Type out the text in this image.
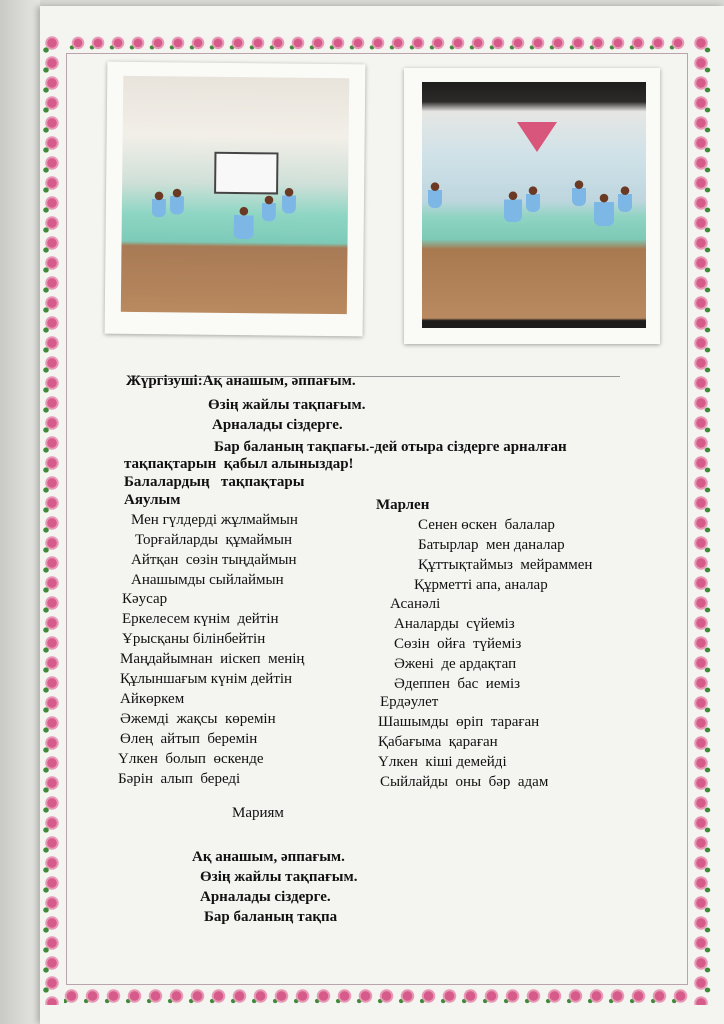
Жүргізуші:Ақ анашым, әппағым.
Өзің жайлы тақпағым.
Арналады сіздерге.
Бар баланың тақпағы.-дей отыра сіздерге арналған
тақпақтарын  қабыл алыныздар!
Балалардың   тақпақтары
Аяулым
Мен гүлдерді жұлмаймын
Торғайларды  құмаймын
Айтқан  сөзін тыңдаймын
Анашымды сыйлаймын
Кәусар
Еркелесем күнім  дейтін
Ұрысқаны білінбейтін
Маңдайымнан  иіскеп  менің
Құлыншағым күнім дейтін
Айкөркем
Әжемді  жақсы  көремін
Өлең  айтып  беремін
Үлкен  болып  өскенде
Бәрін  алып  береді
Марлен
Сенен өскен  балалар
Батырлар  мен даналар
Құттықтаймыз  мейраммен
Құрметті апа, аналар
Асанәлі
Аналарды  сүйеміз
Сөзін  ойға  түйеміз
Әжені  де ардақтап
Әдеппен  бас  иеміз
Ердәулет
Шашымды  өріп  тараған
Қабағыма  қараған
Үлкен  кіші демейді
Сыйлайды  оны  бәр  адам
Мариям
Ақ анашым, әппағым.
Өзің жайлы тақпағым.
Арналады сіздерге.
Бар баланың тақпа
